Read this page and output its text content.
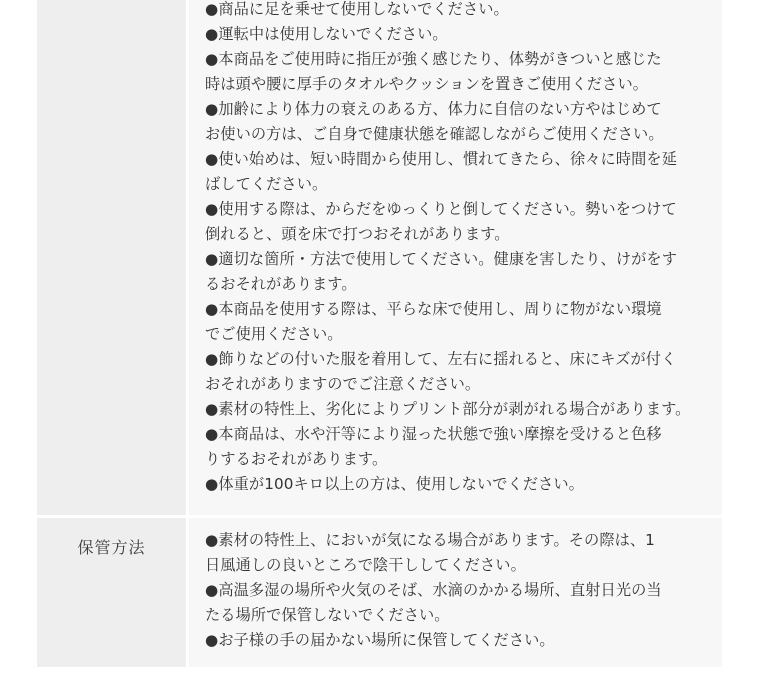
●商品に足を乗せて使用しないでください。
●運転中は使用しないでください。
●本商品をご使用時に指圧が強く感じたり、体勢がきついと感じた
時は頭や腰に厚手のタオルやクッションを置きご使用ください。
●加齢により体力の衰えのある方、体力に自信のない方やはじめて
お使いの方は、ご自身で健康状態を確認しながらご使用ください。
●使い始めは、短い時間から使用し、慣れてきたら、徐々に時間を延
ばしてください。
●使用する際は、からだをゆっくりと倒してください。勢いをつけて
倒れると、頭を床で打つおそれがあります。
●適切な箇所・方法で使用してください。健康を害したり、けがをす
るおそれがあります。
●本商品を使用する際は、平らな床で使用し、周りに物がない環境
でご使用ください。
●飾りなどの付いた服を着用して、左右に揺れると、床にキズが付く
おそれがありますのでご注意ください。
●素材の特性上、劣化によりプリント部分が剥がれる場合があります。
●本商品は、水や汗等により湿った状態で強い摩擦を受けると色移
りするおそれがあります。
●体重が100キロ以上の方は、使用しないでください。
保管方法	●素材の特性上、においが気になる場合があります。その際は、1
日風通しの良いところで陰干ししてください。
●高温多湿の場所や火気のそば、水滴のかかる場所、直射日光の当
たる場所で保管しないでください。
●お子様の手の届かない場所に保管してください。
